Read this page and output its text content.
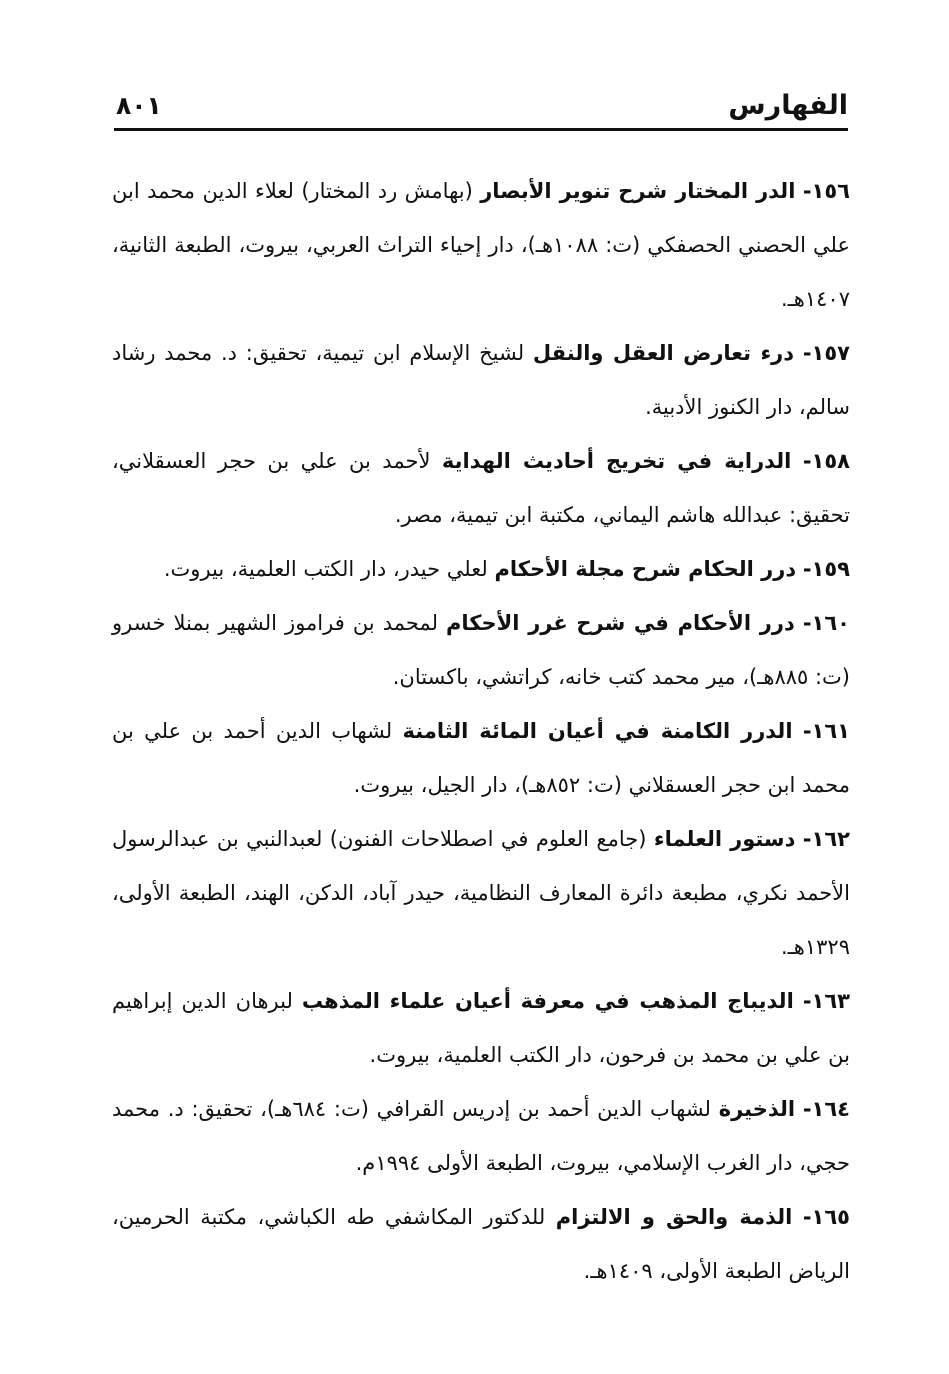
الفهارس
٨٠١

١٥٦- الدر المختار شرح تنوير الأبصار (بهامش رد المختار) لعلاء الدين محمد ابن علي الحصني الحصفكي (ت: ١٠٨٨هـ)، دار إحياء التراث العربي، بيروت، الطبعة الثانية، ١٤٠٧هـ.

١٥٧- درء تعارض العقل والنقل لشيخ الإسلام ابن تيمية، تحقيق: د. محمد رشاد سالم، دار الكنوز الأدبية.

١٥٨- الدراية في تخريج أحاديث الهداية لأحمد بن علي بن حجر العسقلاني، تحقيق: عبدالله هاشم اليماني، مكتبة ابن تيمية، مصر.

١٥٩- درر الحكام شرح مجلة الأحكام لعلي حيدر، دار الكتب العلمية، بيروت.

١٦٠- درر الأحكام في شرح غرر الأحكام لمحمد بن فراموز الشهير بمنلا خسرو (ت: ٨٨٥هـ)، مير محمد كتب خانه، كراتشي، باكستان.

١٦١- الدرر الكامنة في أعيان المائة الثامنة لشهاب الدين أحمد بن علي بن محمد ابن حجر العسقلاني (ت: ٨٥٢هـ)، دار الجيل، بيروت.

١٦٢- دستور العلماء (جامع العلوم في اصطلاحات الفنون) لعبدالنبي بن عبدالرسول الأحمد نكري، مطبعة دائرة المعارف النظامية، حيدر آباد، الدكن، الهند، الطبعة الأولى، ١٣٢٩هـ.

١٦٣- الديباج المذهب في معرفة أعيان علماء المذهب لبرهان الدين إبراهيم بن علي بن محمد بن فرحون، دار الكتب العلمية، بيروت.

١٦٤- الذخيرة لشهاب الدين أحمد بن إدريس القرافي (ت: ٦٨٤هـ)، تحقيق: د. محمد حجي، دار الغرب الإسلامي، بيروت، الطبعة الأولى ١٩٩٤م.

١٦٥- الذمة والحق و الالتزام للدكتور المكاشفي طه الكباشي، مكتبة الحرمين، الرياض الطبعة الأولى، ١٤٠٩هـ.
